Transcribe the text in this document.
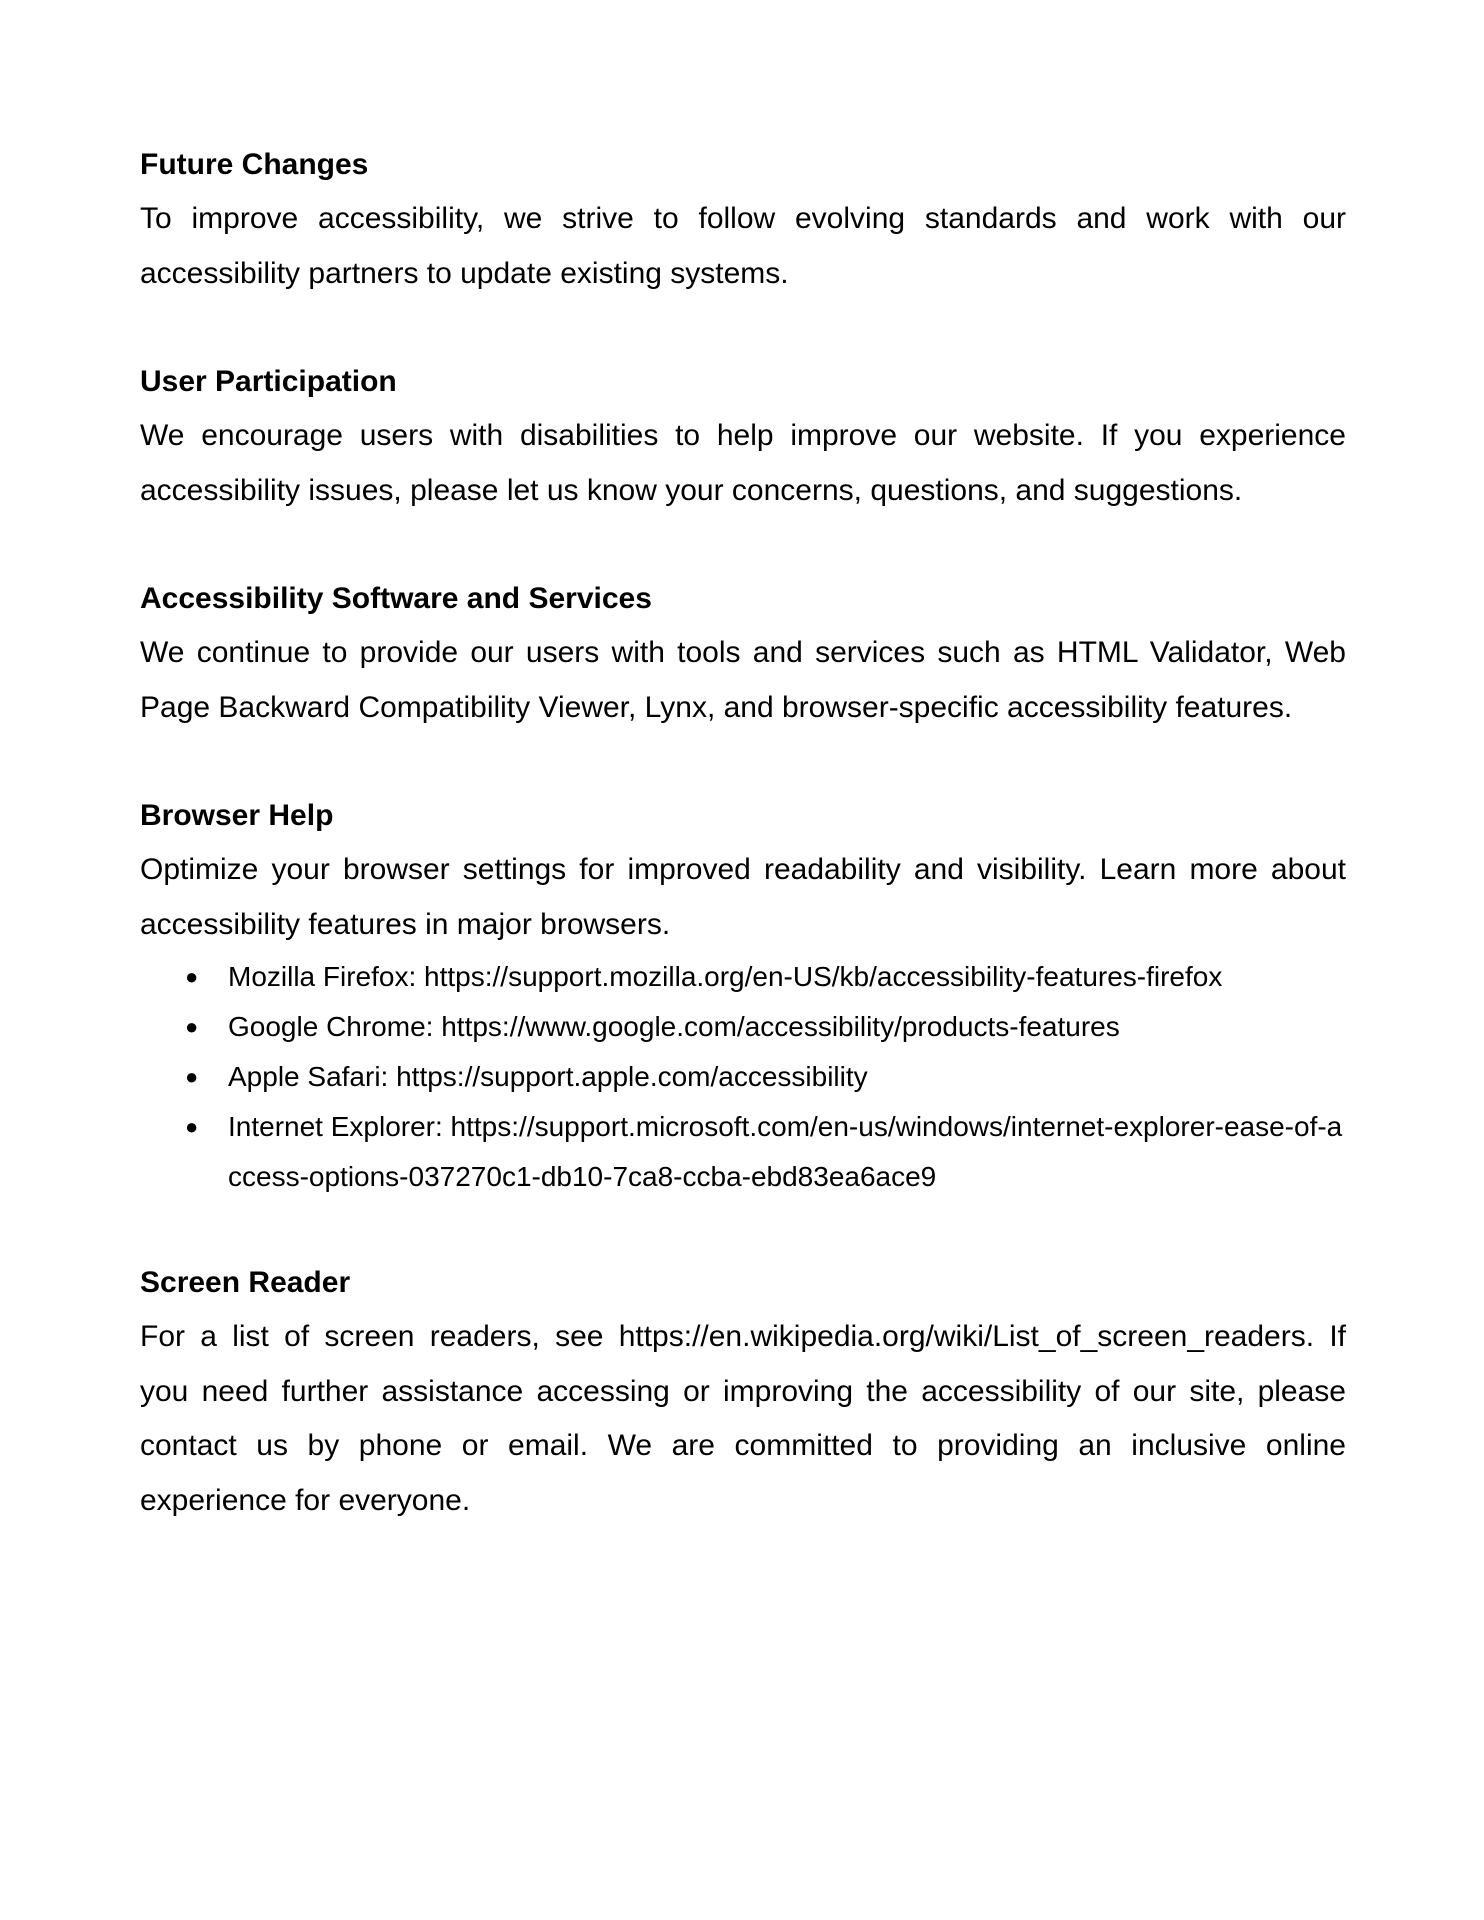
Future Changes

To improve accessibility, we strive to follow evolving standards and work with our accessibility partners to update existing systems.

User Participation

We encourage users with disabilities to help improve our website. If you experience accessibility issues, please let us know your concerns, questions, and suggestions.

Accessibility Software and Services

We continue to provide our users with tools and services such as HTML Validator, Web Page Backward Compatibility Viewer, Lynx, and browser-specific accessibility features.

Browser Help

Optimize your browser settings for improved readability and visibility. Learn more about accessibility features in major browsers.

● Mozilla Firefox: https://support.mozilla.org/en-US/kb/accessibility-features-firefox
● Google Chrome: https://www.google.com/accessibility/products-features
● Apple Safari: https://support.apple.com/accessibility
● Internet Explorer: https://support.microsoft.com/en-us/windows/internet-explorer-ease-of-access-options-037270c1-db10-7ca8-ccba-ebd83ea6ace9
Screen Reader

For a list of screen readers, see https://en.wikipedia.org/wiki/List_of_screen_readers. If you need further assistance accessing or improving the accessibility of our site, please contact us by phone or email. We are committed to providing an inclusive online experience for everyone.
